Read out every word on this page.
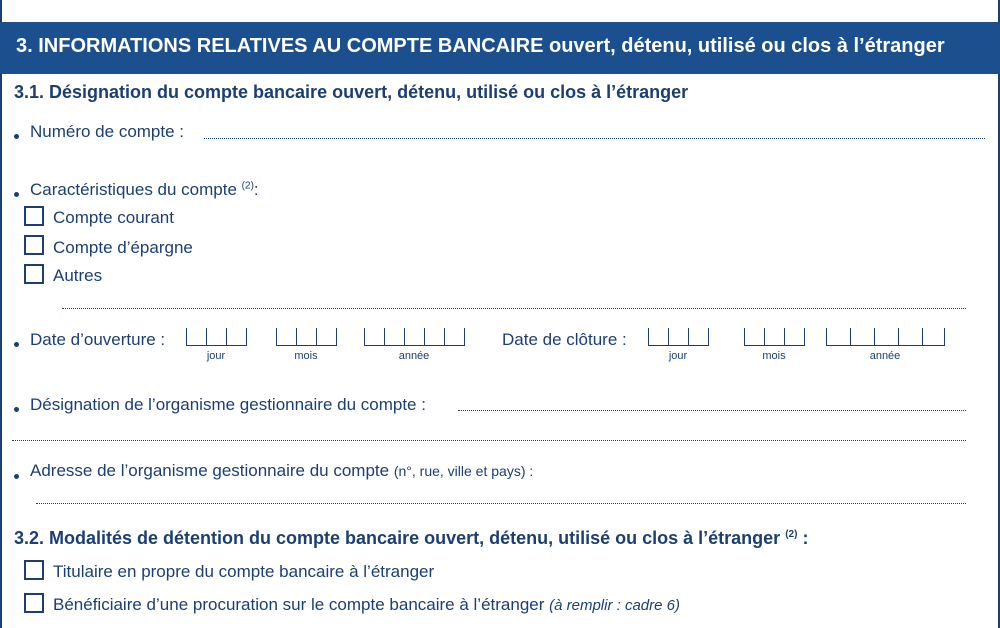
3. INFORMATIONS RELATIVES AU COMPTE BANCAIRE ouvert, détenu, utilisé ou clos à l’étranger
3.1. Désignation du compte bancaire ouvert, détenu, utilisé ou clos à l’étranger
Numéro de compte :
Caractéristiques du compte $^{(2)}$:
Compte courant
Compte d’épargne
Autres
Date d’ouverture :
jour	mois	année
Date de clôture :
jour	mois	année
Désignation de l’organisme gestionnaire du compte :
Adresse de l’organisme gestionnaire du compte (n°, rue, ville et pays) :
3.2. Modalités de détention du compte bancaire ouvert, détenu, utilisé ou clos à l’étranger $^{(2)}$ :
Titulaire en propre du compte bancaire à l’étranger
Bénéficiaire d’une procuration sur le compte bancaire à l’étranger (à remplir : cadre 6)
